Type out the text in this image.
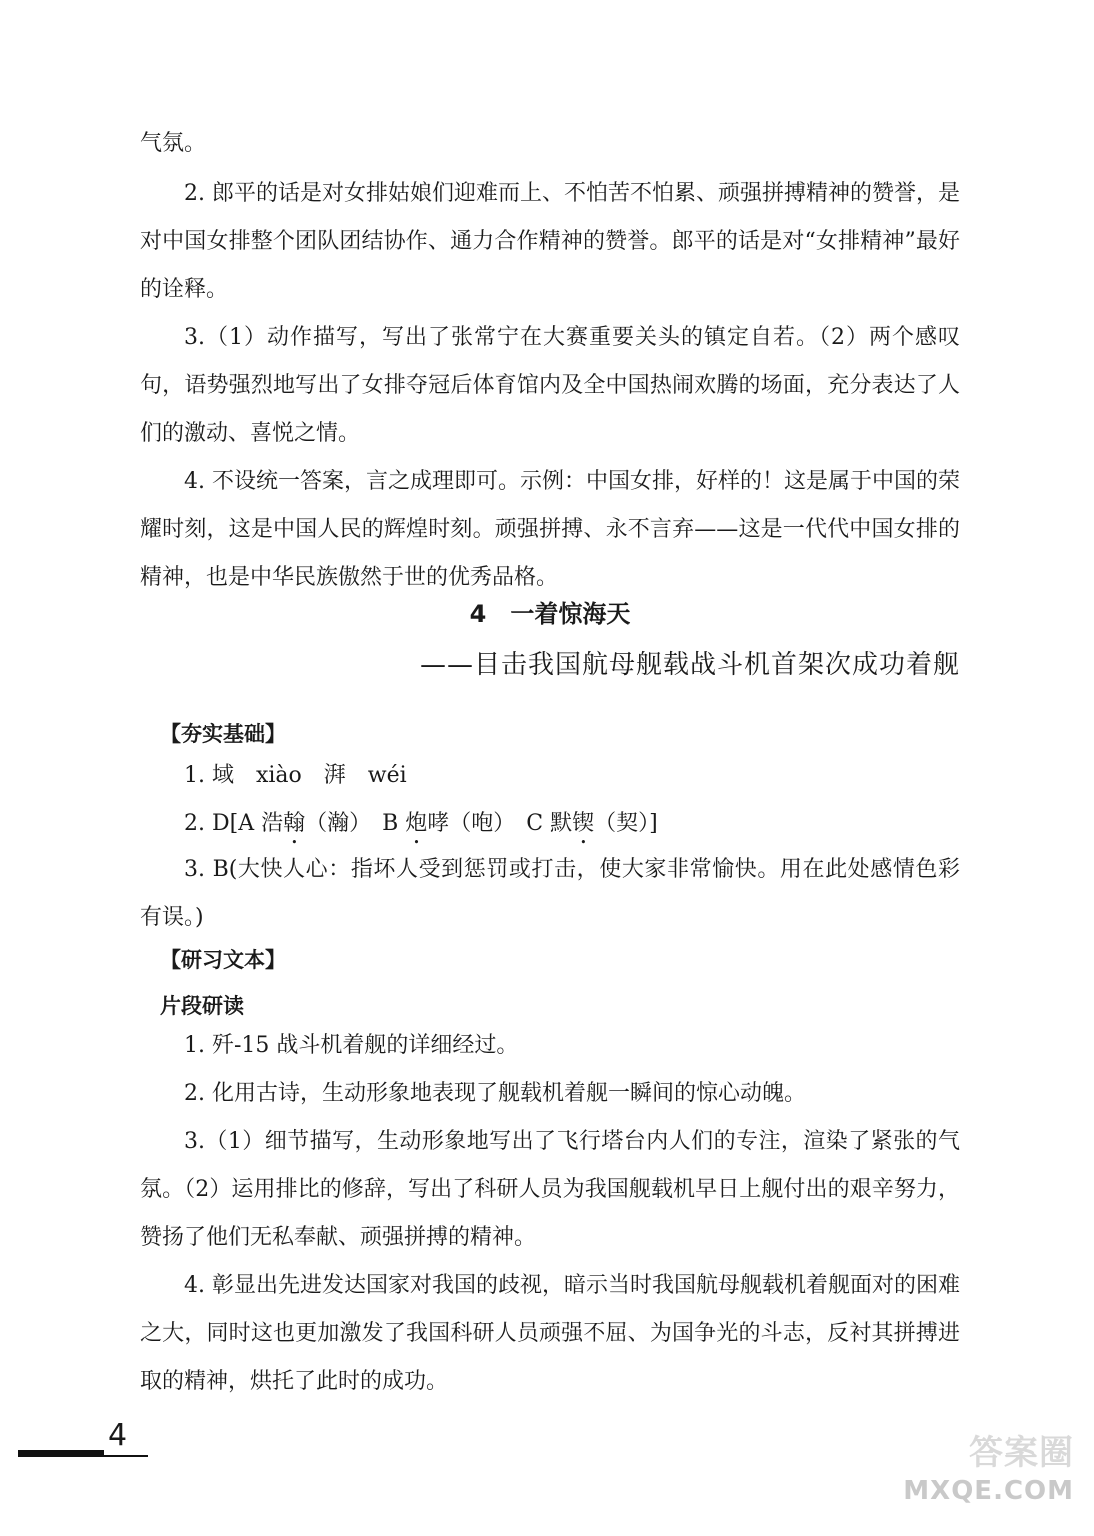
气氛。

2. 郎平的话是对女排姑娘们迎难而上、不怕苦不怕累、顽强拼搏精神的赞誉，是对中国女排整个团队团结协作、通力合作精神的赞誉。郎平的话是对“女排精神”最好的诠释。

3.（1）动作描写，写出了张常宁在大赛重要关头的镇定自若。（2）两个感叹句，语势强烈地写出了女排夺冠后体育馆内及全中国热闹欢腾的场面，充分表达了人们的激动、喜悦之情。

4. 不设统一答案，言之成理即可。示例：中国女排，好样的！这是属于中国的荣耀时刻，这是中国人民的辉煌时刻。顽强拼搏、永不言弃——这是一代代中国女排的精神，也是中华民族傲然于世的优秀品格。

4　一着惊海天
——目击我国航母舰载战斗机首架次成功着舰
【夯实基础】

1. 域　xiào　湃　wéi

2. D[A 浩翰（瀚）　B 炮哮（咆）　C 默锲（契）]

3. B(大快人心：指坏人受到惩罚或打击，使大家非常愉快。用在此处感情色彩有误。)

【研习文本】
片段研读

1. 歼-15 战斗机着舰的详细经过。

2. 化用古诗，生动形象地表现了舰载机着舰一瞬间的惊心动魄。

3.（1）细节描写，生动形象地写出了飞行塔台内人们的专注，渲染了紧张的气氛。（2）运用排比的修辞，写出了科研人员为我国舰载机早日上舰付出的艰辛努力，赞扬了他们无私奉献、顽强拼搏的精神。

4. 彰显出先进发达国家对我国的歧视，暗示当时我国航母舰载机着舰面对的困难之大，同时这也更加激发了我国科研人员顽强不屈、为国争光的斗志，反衬其拼搏进取的精神，烘托了此时的成功。

4	答案圈
MXQE.COM
